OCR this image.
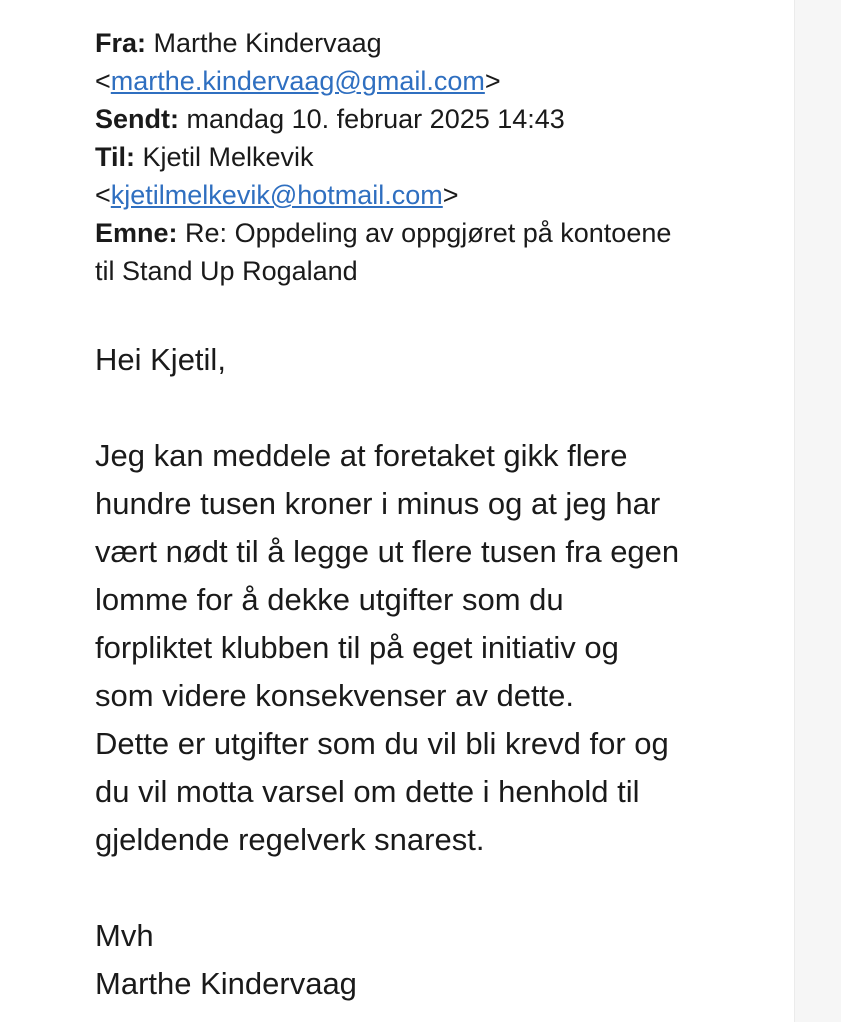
Fra: Marthe Kindervaag
<marthe.kindervaag@gmail.com>
Sendt: mandag 10. februar 2025 14:43
Til: Kjetil Melkevik
<kjetilmelkevik@hotmail.com>
Emne: Re: Oppdeling av oppgjøret på kontoene
til Stand Up Rogaland
Hei Kjetil,

Jeg kan meddele at foretaket gikk flere
hundre tusen kroner i minus og at jeg har
vært nødt til å legge ut flere tusen fra egen
lomme for å dekke utgifter som du
forpliktet klubben til på eget initiativ og
som videre konsekvenser av dette.
Dette er utgifter som du vil bli krevd for og
du vil motta varsel om dette i henhold til
gjeldende regelverk snarest.

Mvh
Marthe Kindervaag
